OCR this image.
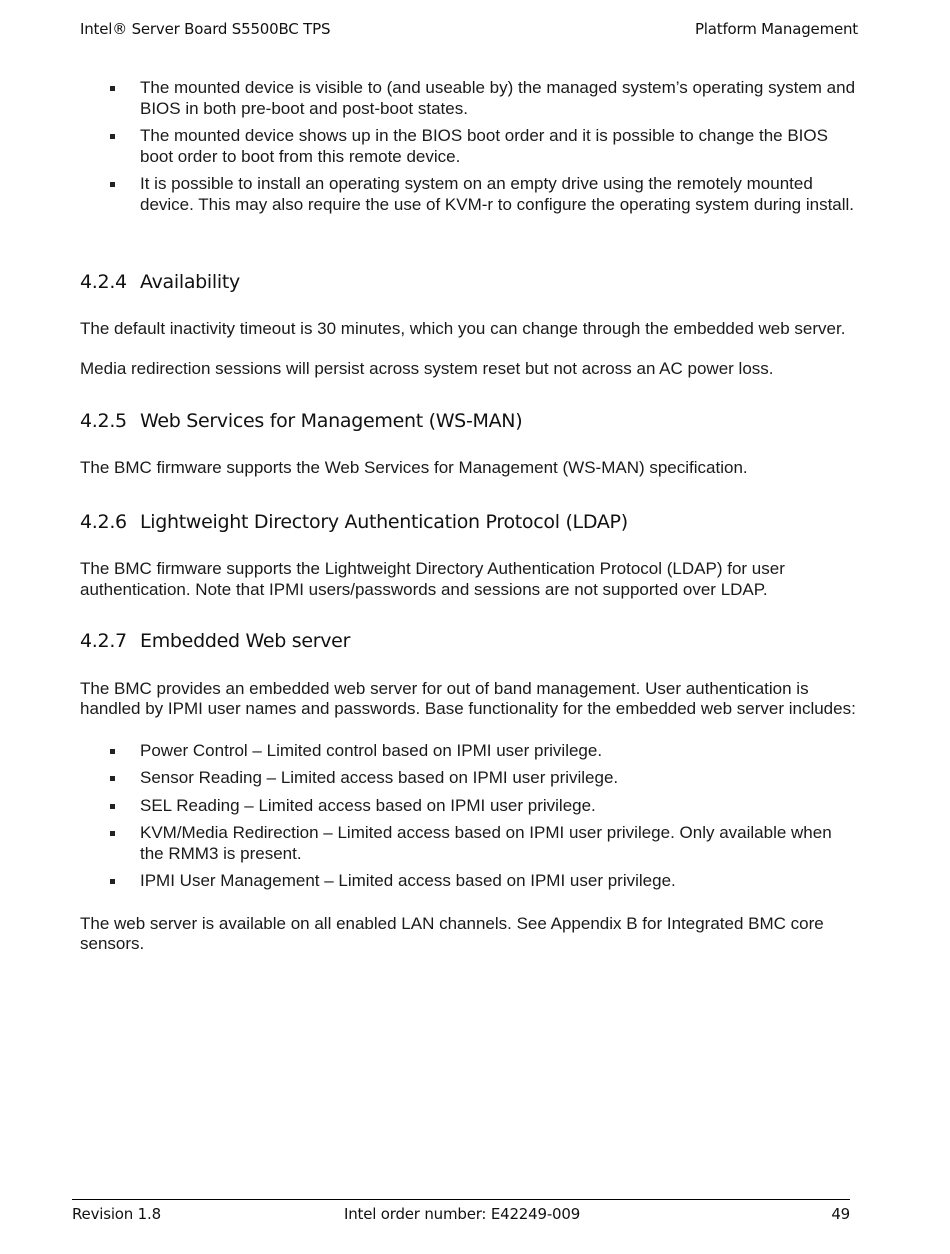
Intel® Server Board S5500BC TPS	Platform Management
The mounted device is visible to (and useable by) the managed system’s operating system and BIOS in both pre-boot and post-boot states.
The mounted device shows up in the BIOS boot order and it is possible to change the BIOS boot order to boot from this remote device.
It is possible to install an operating system on an empty drive using the remotely mounted device. This may also require the use of KVM-r to configure the operating system during install.
4.2.4 Availability

The default inactivity timeout is 30 minutes, which you can change through the embedded web server.

Media redirection sessions will persist across system reset but not across an AC power loss.

4.2.5 Web Services for Management (WS-MAN)

The BMC firmware supports the Web Services for Management (WS-MAN) specification.

4.2.6 Lightweight Directory Authentication Protocol (LDAP)

The BMC firmware supports the Lightweight Directory Authentication Protocol (LDAP) for user authentication. Note that IPMI users/passwords and sessions are not supported over LDAP.

4.2.7 Embedded Web server

The BMC provides an embedded web server for out of band management. User authentication is handled by IPMI user names and passwords. Base functionality for the embedded web server includes:

Power Control – Limited control based on IPMI user privilege.
Sensor Reading – Limited access based on IPMI user privilege.
SEL Reading – Limited access based on IPMI user privilege.
KVM/Media Redirection – Limited access based on IPMI user privilege. Only available when the RMM3 is present.
IPMI User Management – Limited access based on IPMI user privilege.

The web server is available on all enabled LAN channels. See Appendix B for Integrated BMC core sensors.

Revision 1.8	Intel order number: E42249-009	49
